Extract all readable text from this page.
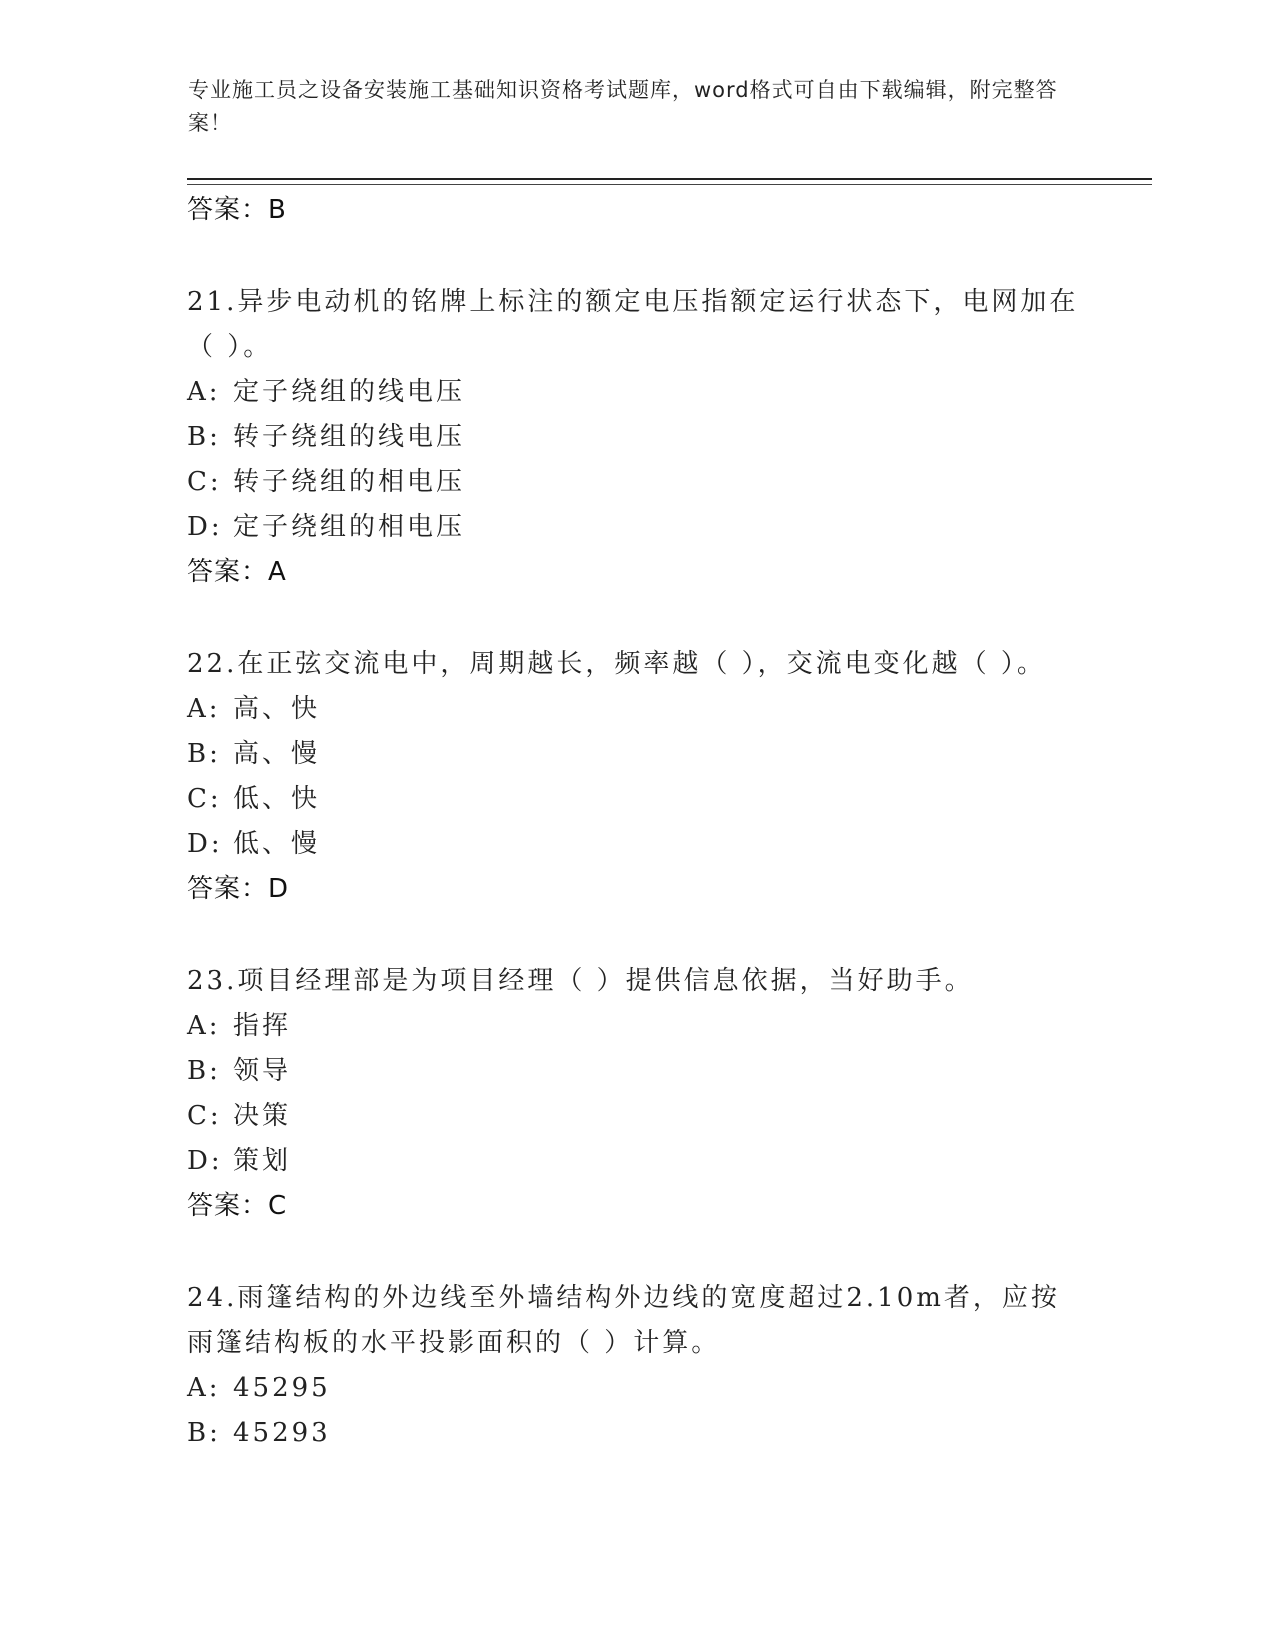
专业施工员之设备安装施工基础知识资格考试题库，word格式可自由下载编辑，附完整答案！
答案：B

21.异步电动机的铭牌上标注的额定电压指额定运行状态下，电网加在（ ）。

A: 定子绕组的线电压
B: 转子绕组的线电压
C: 转子绕组的相电压
D: 定子绕组的相电压
答案：A

22.在正弦交流电中，周期越长，频率越（ ），交流电变化越（ ）。

A: 高、快
B: 高、慢
C: 低、快
D: 低、慢
答案：D

23.项目经理部是为项目经理（ ）提供信息依据，当好助手。

A: 指挥
B: 领导
C: 决策
D: 策划
答案：C

24.雨篷结构的外边线至外墙结构外边线的宽度超过2.10m者，应按雨篷结构板的水平投影面积的（ ）计算。

A: 45295
B: 45293
